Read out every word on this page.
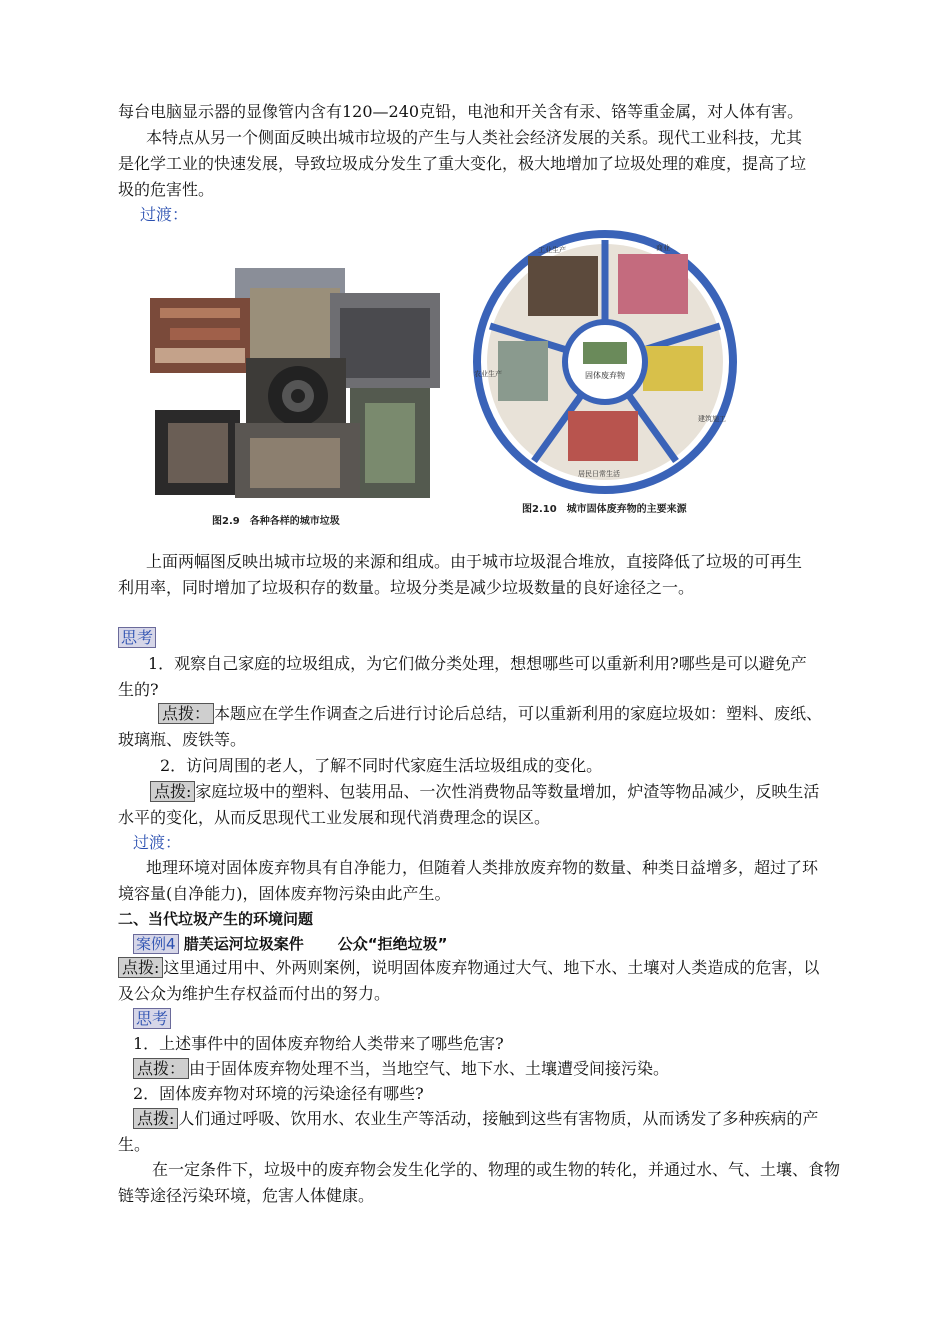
每台电脑显示器的显像管内含有120—240克铅，电池和开关含有汞、铬等重金属，对人体有害。
本特点从另一个侧面反映出城市垃圾的产生与人类社会经济发展的关系。现代工业科技，尤其
是化学工业的快速发展，导致垃圾成分发生了重大变化，极大地增加了垃圾处理的难度，提高了垃
圾的危害性。
过渡：
图2.9　各种各样的城市垃圾
固体废弃物
工业生产	商业
居民日常生活
农业生产
建筑施工
图2.10　城市固体废弃物的主要来源
上面两幅图反映出城市垃圾的来源和组成。由于城市垃圾混合堆放，直接降低了垃圾的可再生
利用率，同时增加了垃圾积存的数量。垃圾分类是减少垃圾数量的良好途径之一。
思考
1．观察自己家庭的垃圾组成，为它们做分类处理，想想哪些可以重新利用?哪些是可以避免产
生的?
点拨： 本题应在学生作调查之后进行讨论后总结，可以重新利用的家庭垃圾如：塑料、废纸、
玻璃瓶、废铁等。
2．访问周围的老人，了解不同时代家庭生活垃圾组成的变化。
点拨: 家庭垃圾中的塑料、包装用品、一次性消费物品等数量增加，炉渣等物品减少，反映生活
水平的变化，从而反思现代工业发展和现代消费理念的误区。
过渡：
地理环境对固体废弃物具有自净能力，但随着人类排放废弃物的数量、种类日益增多，超过了环
境容量(自净能力)，固体废弃物污染由此产生。
二、当代垃圾产生的环境问题
案例4 腊芙运河垃圾案件 公众“拒绝垃圾”
点拨: 这里通过用中、外两则案例，说明固体废弃物通过大气、地下水、土壤对人类造成的危害，以
及公众为维护生存权益而付出的努力。
思考
1．上述事件中的固体废弃物给人类带来了哪些危害?
点拨： 由于固体废弃物处理不当，当地空气、地下水、土壤遭受间接污染。
2．固体废弃物对环境的污染途径有哪些?
点拨: 人们通过呼吸、饮用水、农业生产等活动，接触到这些有害物质，从而诱发了多种疾病的产
生。
在一定条件下，垃圾中的废弃物会发生化学的、物理的或生物的转化，并通过水、气、土壤、食物
链等途径污染环境，危害人体健康。
